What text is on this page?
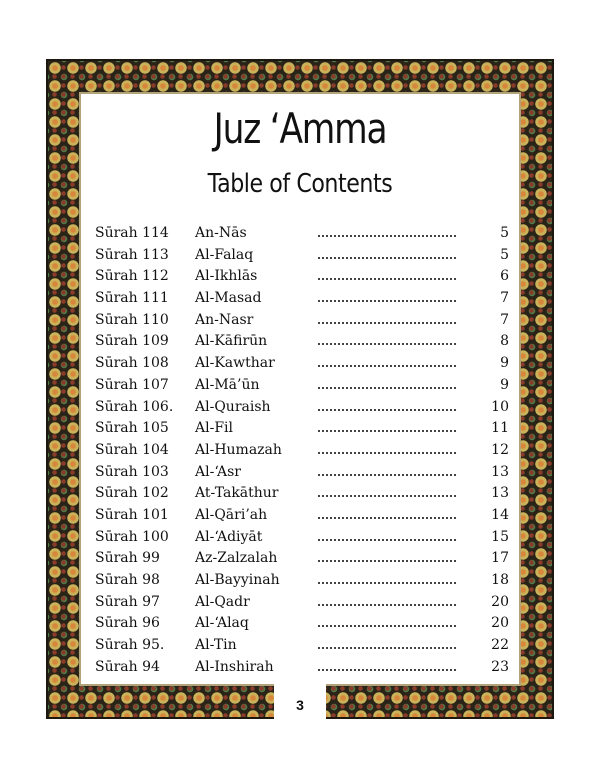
Juz ‘Amma
Table of Contents
Sūrah 114 An-Nās	5
Sūrah 113 Al-Falaq	5
Sūrah 112 Al-Ikhlās	6
Sūrah 111 Al-Masad	7
Sūrah 110 An-Nasr	7
Sūrah 109 Al-Kāfirūn	8
Sūrah 108 Al-Kawthar	9
Sūrah 107 Al-Mā’ūn	9
Sūrah 106. Al-Quraish	10
Sūrah 105 Al-Fil	11
Sūrah 104 Al-Humazah	12
Sūrah 103 Al-‘Asr	13
Sūrah 102 At-Takāthur	13
Sūrah 101 Al-Qāri’ah	14
Sūrah 100 Al-‘Adiyāt	15
Sūrah 99	Az-Zalzalah	17
Sūrah 98	Al-Bayyinah	18
Sūrah 97	Al-Qadr	20
Sūrah 96	Al-‘Alaq	20
Sūrah 95. Al-Tin	22
Sūrah 94	Al-Inshirah	23
3
